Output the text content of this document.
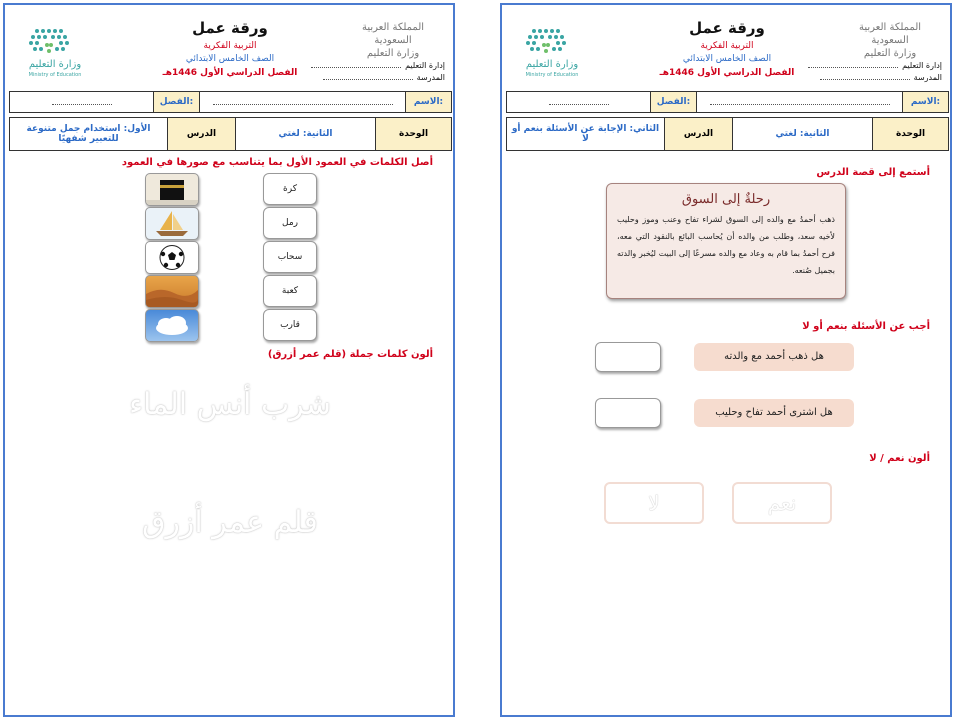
وزارة التعليم
Ministry of Education
ورقة عمل
التربية الفكرية
الصف الخامس الابتدائي
الفصل الدراسي الأول 1446هـ
المملكة العربية السعودية
وزارة التعليم
إدارة التعليم
المدرسة
الاسم:
الفصل:
الوحدة
الثانية: لغتي
الدرس
الأول: استخدام جمل متنوعة للتعبير شفهيًا
أصل الكلمات في العمود الأول بما يتناسب مع صورها في العمود
كرة
رمل
سحاب
كعبة
قارب
ألون كلمات جملة (قلم عمر أزرق)
شرب أنس الماء
قلم عمر أزرق
وزارة التعليم
Ministry of Education
ورقة عمل
التربية الفكرية
الصف الخامس الابتدائي
الفصل الدراسي الأول 1446هـ
المملكة العربية السعودية
وزارة التعليم
إدارة التعليم
المدرسة
الاسم:
الفصل:
الوحدة
الثانية: لغتي
الدرس
الثاني: الإجابة عن الأسئلة بنعم أو لا
أستمع إلى قصة الدرس
رحلةٌ إلى السوق
ذهب أحمدُ مع والده إلى السوق لشراء تفاح وعنب وموز وحليب لأخيه سعد، وطلب من والده أن يُحاسب البائع بالنقود التي معه، فرح أحمدُ بما قام به وعاد مع والده مسرعًا إلى البيت ليُخبر والدته بجميل صُنعه.
أجب عن الأسئلة بنعم أو لا
هل ذهب أحمد مع والدته
هل اشترى أحمد تفاح وحليب
ألون نعم / لا
نعم
لا
